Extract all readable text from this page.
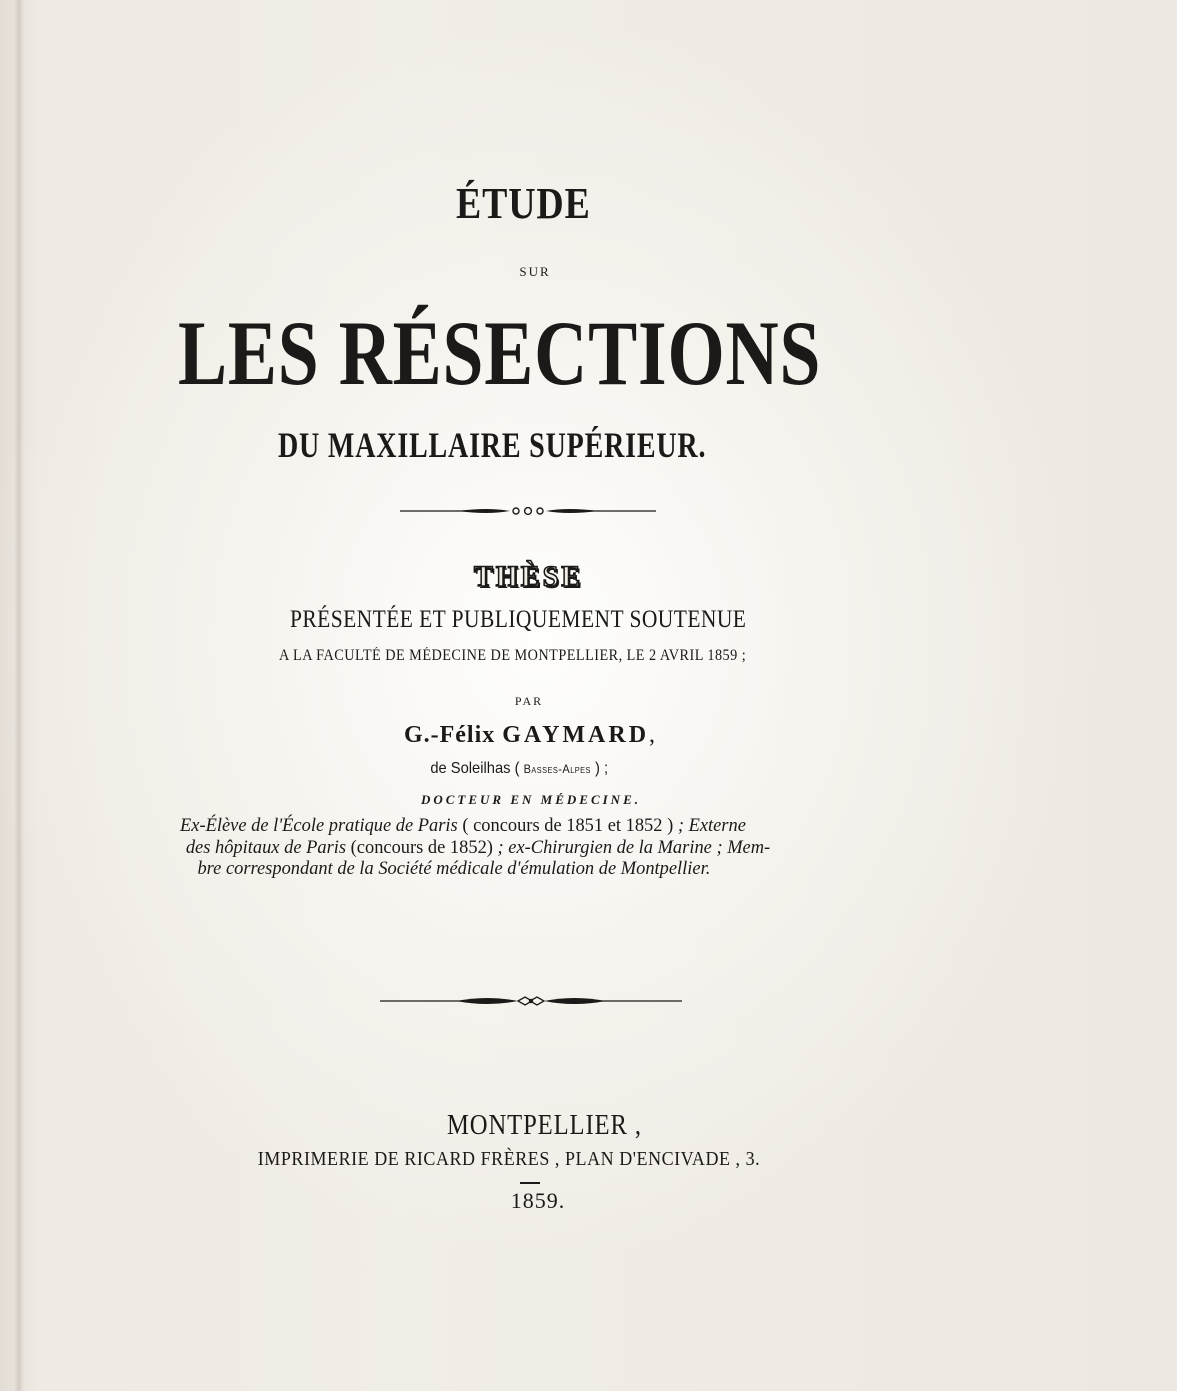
ÉTUDE
SUR
LES RÉSECTIONS
DU MAXILLAIRE SUPÉRIEUR.
THÈSE
PRÉSENTÉE ET PUBLIQUEMENT SOUTENUE
A LA FACULTÉ DE MÉDECINE DE MONTPELLIER, LE 2 AVRIL 1859 ;
PAR
G.-Félix GAYMARD,
de Soleilhas ( Basses-Alpes ) ;
DOCTEUR EN MÉDECINE.
Ex-Élève de l'École pratique de Paris ( concours de 1851 et 1852 ) ; Externe
des hôpitaux de Paris (concours de 1852) ; ex-Chirurgien de la Marine ; Mem-
bre correspondant de la Société médicale d'émulation de Montpellier.
MONTPELLIER ,
IMPRIMERIE DE RICARD FRÈRES , PLAN D'ENCIVADE , 3.
1859.
